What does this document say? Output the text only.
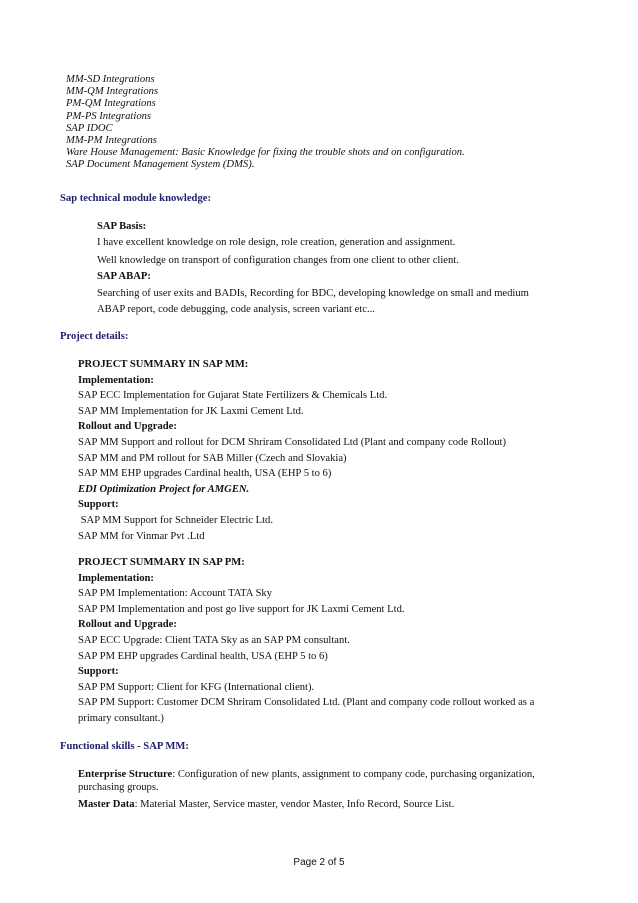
MM-SD Integrations
MM-QM Integrations
PM-QM Integrations
PM-PS Integrations
SAP IDOC
MM-PM Integrations
Ware House Management: Basic Knowledge for fixing the trouble shots and on configuration.
SAP Document Management System (DMS).
Sap technical module knowledge:
SAP Basis:
I have excellent knowledge on role design, role creation, generation and assignment.
Well knowledge on transport of configuration changes from one client to other client.
SAP ABAP:
Searching of user exits and BADIs, Recording for BDC, developing knowledge on small and medium
ABAP report, code debugging, code analysis, screen variant etc...
Project details:
PROJECT SUMMARY IN SAP MM:
Implementation:
SAP ECC Implementation for Gujarat State Fertilizers & Chemicals Ltd.
SAP MM Implementation for JK Laxmi Cement Ltd.
Rollout and Upgrade:
SAP MM Support and rollout for DCM Shriram Consolidated Ltd (Plant and company code Rollout)
SAP MM and PM rollout for SAB Miller (Czech and Slovakia)
SAP MM EHP upgrades Cardinal health, USA (EHP 5 to 6)
EDI Optimization Project for AMGEN.
Support:
SAP MM Support for Schneider Electric Ltd.
SAP MM for Vinmar Pvt .Ltd
PROJECT SUMMARY IN SAP PM:
Implementation:
SAP PM Implementation: Account TATA Sky
SAP PM Implementation and post go live support for JK Laxmi Cement Ltd.
Rollout and Upgrade:
SAP ECC Upgrade: Client TATA Sky as an SAP PM consultant.
SAP PM EHP upgrades Cardinal health, USA (EHP 5 to 6)
Support:
SAP PM Support: Client for KFG (International client).
SAP PM Support: Customer DCM Shriram Consolidated Ltd. (Plant and company code rollout worked as a primary consultant.)
Functional skills - SAP MM:
Enterprise Structure: Configuration of new plants, assignment to company code, purchasing organization, purchasing groups.
Master Data: Material Master, Service master, vendor Master, Info Record, Source List.
Page 2 of 5
